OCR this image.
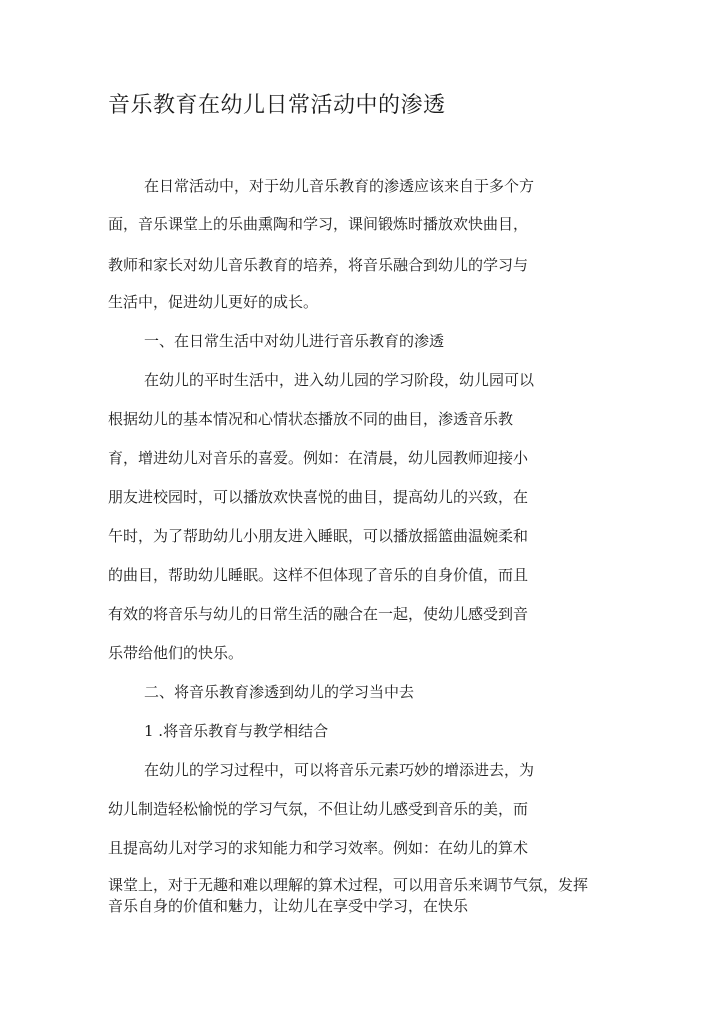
音乐教育在幼儿日常活动中的渗透
在日常活动中，对于幼儿音乐教育的渗透应该来自于多个方
面，音乐课堂上的乐曲熏陶和学习，课间锻炼时播放欢快曲目，
教师和家长对幼儿音乐教育的培养，将音乐融合到幼儿的学习与
生活中，促进幼儿更好的成长。
一、在日常生活中对幼儿进行音乐教育的渗透
在幼儿的平时生活中，进入幼儿园的学习阶段，幼儿园可以
根据幼儿的基本情况和心情状态播放不同的曲目，渗透音乐教
育，增进幼儿对音乐的喜爱。例如：在清晨，幼儿园教师迎接小
朋友进校园时，可以播放欢快喜悦的曲目，提高幼儿的兴致，在
午时，为了帮助幼儿小朋友进入睡眠，可以播放摇篮曲温婉柔和
的曲目，帮助幼儿睡眠。这样不但体现了音乐的自身价值，而且
有效的将音乐与幼儿的日常生活的融合在一起，使幼儿感受到音
乐带给他们的快乐。
二、将音乐教育渗透到幼儿的学习当中去
1 .将音乐教育与教学相结合
在幼儿的学习过程中，可以将音乐元素巧妙的增添进去，为
幼儿制造轻松愉悦的学习气氛，不但让幼儿感受到音乐的美，而
且提高幼儿对学习的求知能力和学习效率。例如：在幼儿的算术
课堂上，对于无趣和难以理解的算术过程，可以用音乐来调节气氛，发挥
音乐自身的价值和魅力，让幼儿在享受中学习，在快乐
